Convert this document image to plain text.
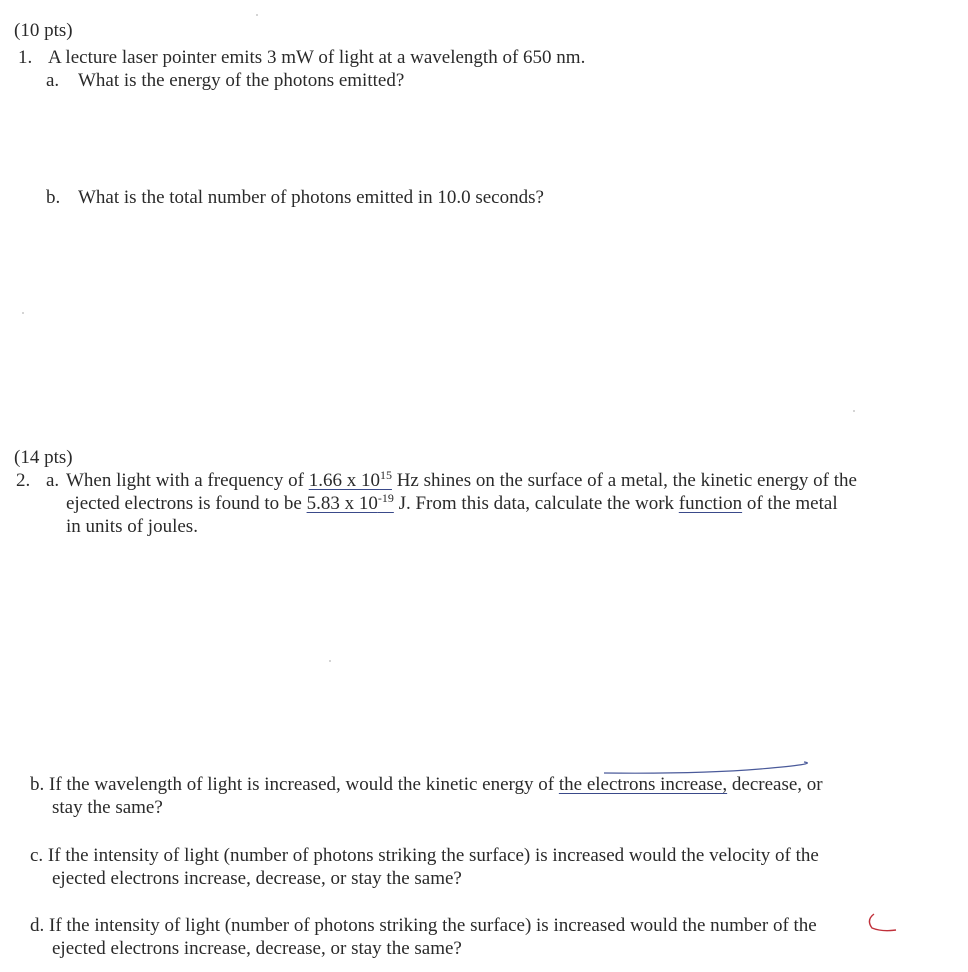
(10 pts)
1. A lecture laser pointer emits 3 mW of light at a wavelength of 650 nm.
a. What is the energy of the photons emitted?
b. What is the total number of photons emitted in 10.0 seconds?
(14 pts)
2. a. When light with a frequency of 1.66 x $10^{15}$ Hz shines on the surface of a metal, the kinetic energy of the
ejected electrons is found to be 5.83 x $10^{-19}$ J. From this data, calculate the work function of the metal
in units of joules.
b. If the wavelength of light is increased, would the kinetic energy of the electrons increase, decrease, or
stay the same?
c. If the intensity of light (number of photons striking the surface) is increased would the velocity of the
ejected electrons increase, decrease, or stay the same?
d. If the intensity of light (number of photons striking the surface) is increased would the number of the
ejected electrons increase, decrease, or stay the same?
